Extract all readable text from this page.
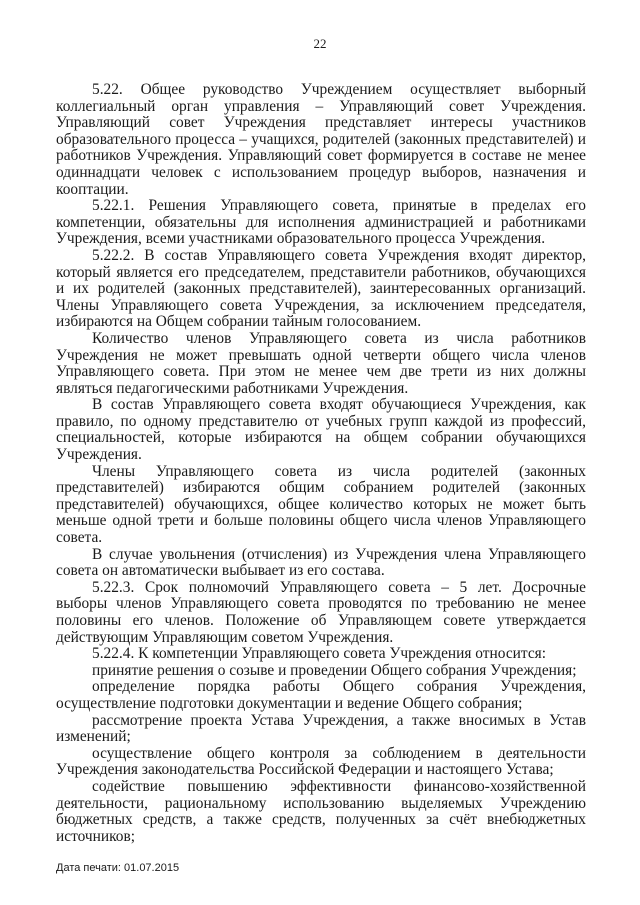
22

5.22. Общее руководство Учреждением осуществляет выборный коллегиальный орган управления – Управляющий совет Учреждения. Управляющий совет Учреждения представляет интересы участников образовательного процесса – учащихся, родителей (законных представителей) и работников Учреждения. Управляющий совет формируется в составе не менее одиннадцати человек с использованием процедур выборов, назначения и кооптации.

5.22.1. Решения Управляющего совета, принятые в пределах его компетенции, обязательны для исполнения администрацией и работниками Учреждения, всеми участниками образовательного процесса Учреждения.

5.22.2. В состав Управляющего совета Учреждения входят директор, который является его председателем, представители работников, обучающихся и их родителей (законных представителей), заинтересованных организаций. Члены Управляющего совета Учреждения, за исключением председателя, избираются на Общем собрании тайным голосованием.

Количество членов Управляющего совета из числа работников Учреждения не может превышать одной четверти общего числа членов Управляющего совета. При этом не менее чем две трети из них должны являться педагогическими работниками Учреждения.

В состав Управляющего совета входят обучающиеся Учреждения, как правило, по одному представителю от учебных групп каждой из профессий, специальностей, которые избираются на общем собрании обучающихся Учреждения.

Члены Управляющего совета из числа родителей (законных представителей) избираются общим собранием родителей (законных представителей) обучающихся, общее количество которых не может быть меньше одной трети и больше половины общего числа членов Управляющего совета.

В случае увольнения (отчисления) из Учреждения члена Управляющего совета он автоматически выбывает из его состава.

5.22.3. Срок полномочий Управляющего совета – 5 лет. Досрочные выборы членов Управляющего совета проводятся по требованию не менее половины его членов. Положение об Управляющем совете утверждается действующим Управляющим советом Учреждения.

5.22.4. К компетенции Управляющего совета Учреждения относится:

принятие решения о созыве и проведении Общего собрания Учреждения;

определение порядка работы Общего собрания Учреждения, осуществление подготовки документации и ведение Общего собрания;

рассмотрение проекта Устава Учреждения, а также вносимых в Устав изменений;

осуществление общего контроля за соблюдением в деятельности Учреждения законодательства Российской Федерации и настоящего Устава;

содействие повышению эффективности финансово-хозяйственной деятельности, рациональному использованию выделяемых Учреждению бюджетных средств, а также средств, полученных за счёт внебюджетных источников;

Дата печати: 01.07.2015
